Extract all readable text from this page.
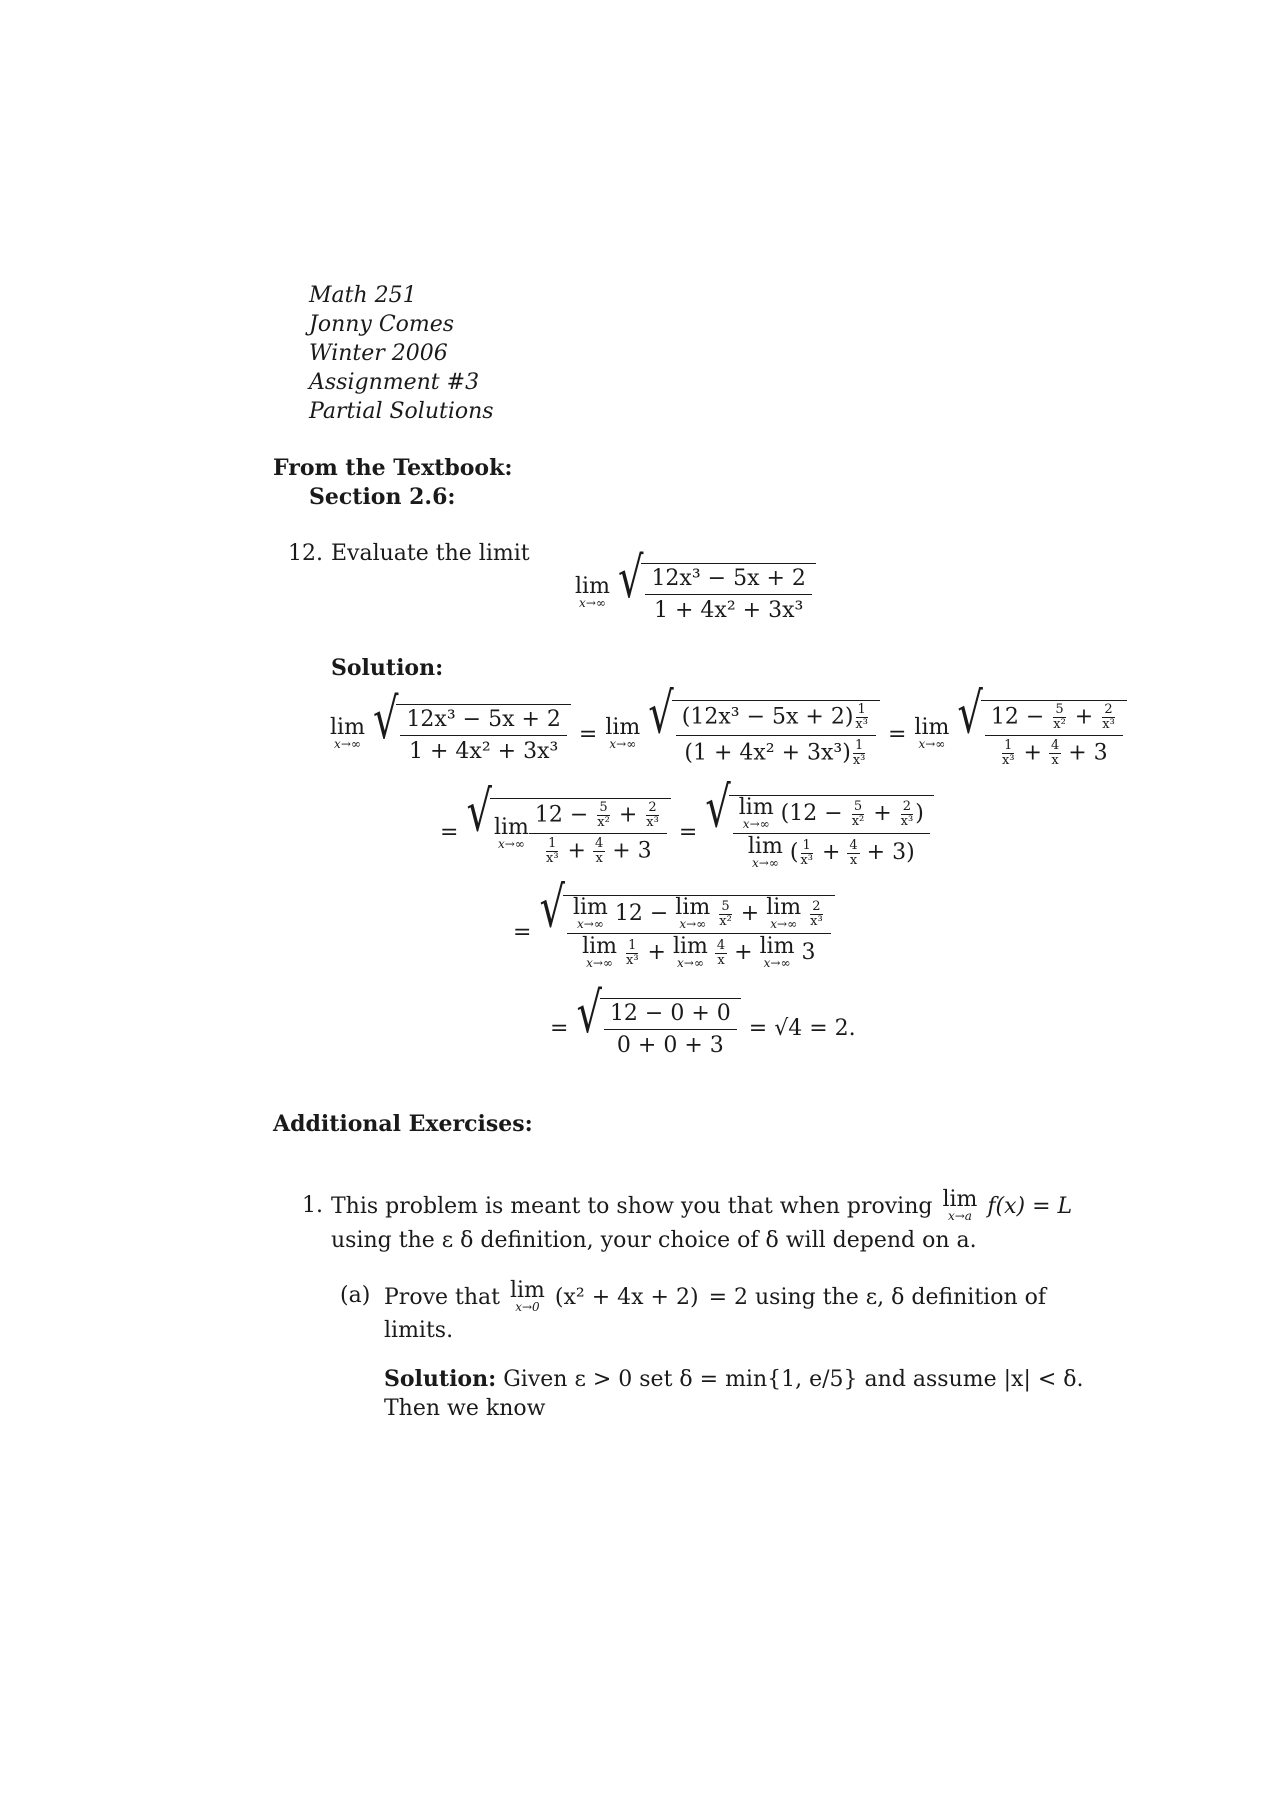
Math 251
Jonny Comes
Winter 2006
Assignment #3
Partial Solutions
From the Textbook:
Section 2.6:
12. Evaluate the limit
lim
x→∞ √ $\frac{\text{12x³ − 5x + 2}}{\text{1 + 4x² + 3x³}}$
Solution:
lim
x→∞ √ $\frac{\text{12x³ − 5x + 2}}{\text{1 + 4x² + 3x³}} = \lim$
x→∞ √ $\frac{(12x^3 - 5x + 2) \frac{1}{\text{x³}}}{(1 + 4x^2 + 3x^3) \frac{1}{\text{x³}}} = \lim$
x→∞ √ $\frac{12 - \frac{5}{\text{x²}} + \frac{2}{\text{x³}}}{\frac{1}{\text{x³}} + \frac{4}{x} + 3}$
= √ lim
$x\to\infty \frac{12 - \frac{5}{\text{x²}} + \frac{2}{\text{x³}}}{\frac{1}{\text{x³}} + \frac{4}{x} + 3}$ = √ lim
x→∞ ($12 - \frac{5}{\text{x²}} + \frac{2}{\text{x³}}$ )
lim
x→∞ ( $\frac{1}{\text{x³}} + \frac{4}{x} + 3$)
= √ lim
x→∞ 12 − lim
x→∞
$\frac{5}{\text{x²}} + \lim$
x→∞
$\frac{2}{\text{x³}}$
lim
x→∞
$\frac{1}{\text{x³}} + \lim$
x→∞
$\frac{4}{x} + \lim$
x→∞ 3
= √ $\frac{12 - 0 + 0}{0 + 0 + 3} = √4 = 2$.
Additional Exercises:
1. This problem is meant to show you that when proving lim
x→a f(x) = L
using the ε δ definition, your choice of δ will depend on a.
(a) Prove that lim
x→0 (x² + 4x + 2) = 2 using the ε, δ definition of
limits.
Solution: Given ε > 0 set δ = min{1, e/5} and assume |x| < δ.
Then we know
